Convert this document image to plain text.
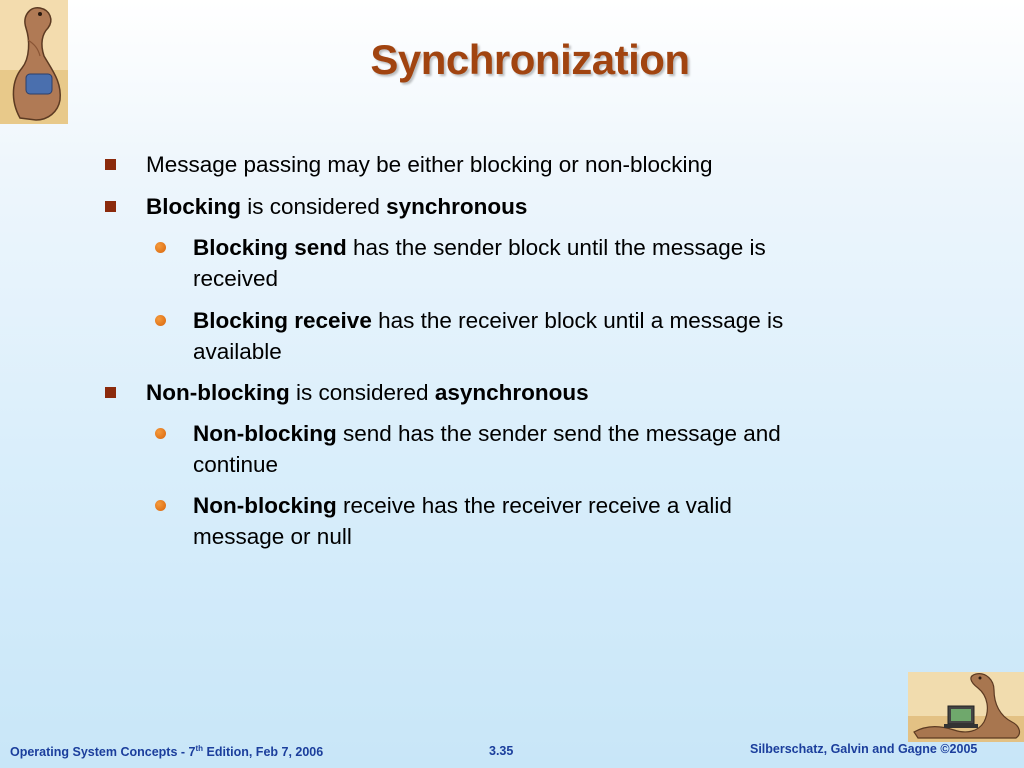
Synchronization
Message passing may be either blocking or non-blocking
Blocking is considered synchronous
Blocking send has the sender block until the message is
received
Blocking receive has the receiver block until a message is
available
Non-blocking is considered asynchronous
Non-blocking send has the sender send the message and
continue
Non-blocking receive has the receiver receive a valid
message or null
Operating System Concepts - 7th Edition, Feb 7, 2006	3.35	Silberschatz, Galvin and Gagne ©2005
